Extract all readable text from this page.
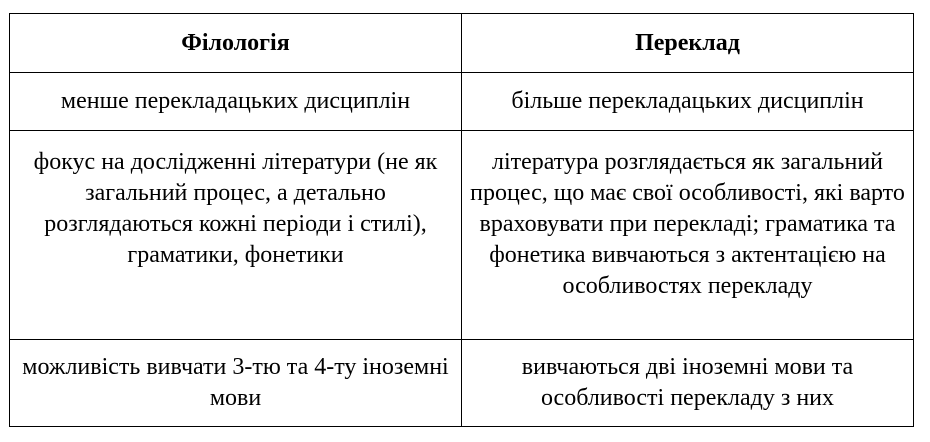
Філологія	Переклад
менше перекладацьких дисциплін	більше перекладацьких дисциплін

фокус на дослідженні літератури (не як загальний процес, а детально розглядаються кожні періоди і стилі), граматики, фонетики	література розглядається як загальний процес, що має свої особливості, які варто враховувати при перекладі; граматика та фонетика вивчаються з актентацією на особливостях перекладу

можливість вивчати 3-тю та 4-ту іноземні мови	вивчаються дві іноземні мови та особливості перекладу з них
